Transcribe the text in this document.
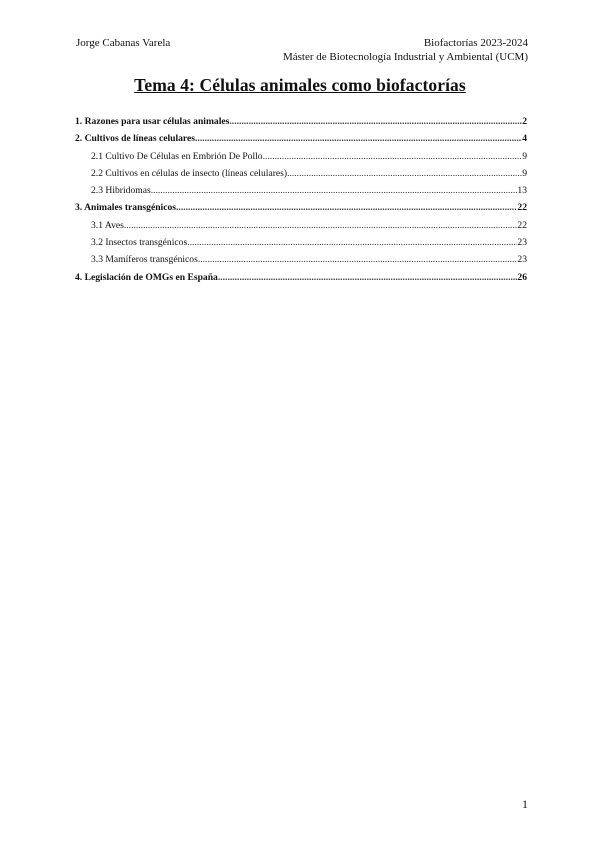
Jorge Cabanas Varela	Biofactorías 2023-2024
Máster de Biotecnología Industrial y Ambiental (UCM)
Tema 4: Células animales como biofactorías
1. Razones para usar células animales .....	2
2. Cultivos de líneas celulares .....	4
2.1 Cultivo De Células en Embrión De Pollo .....	9
2.2 Cultivos en células de insecto (líneas celulares) .....	9
2.3 Hibridomas .....	13
3. Animales transgénicos .....	22
3.1 Aves .....	22
3.2 Insectos transgénicos .....	23
3.3 Mamíferos transgénicos .....	23
4. Legislación de OMGs en España .....	26
1
